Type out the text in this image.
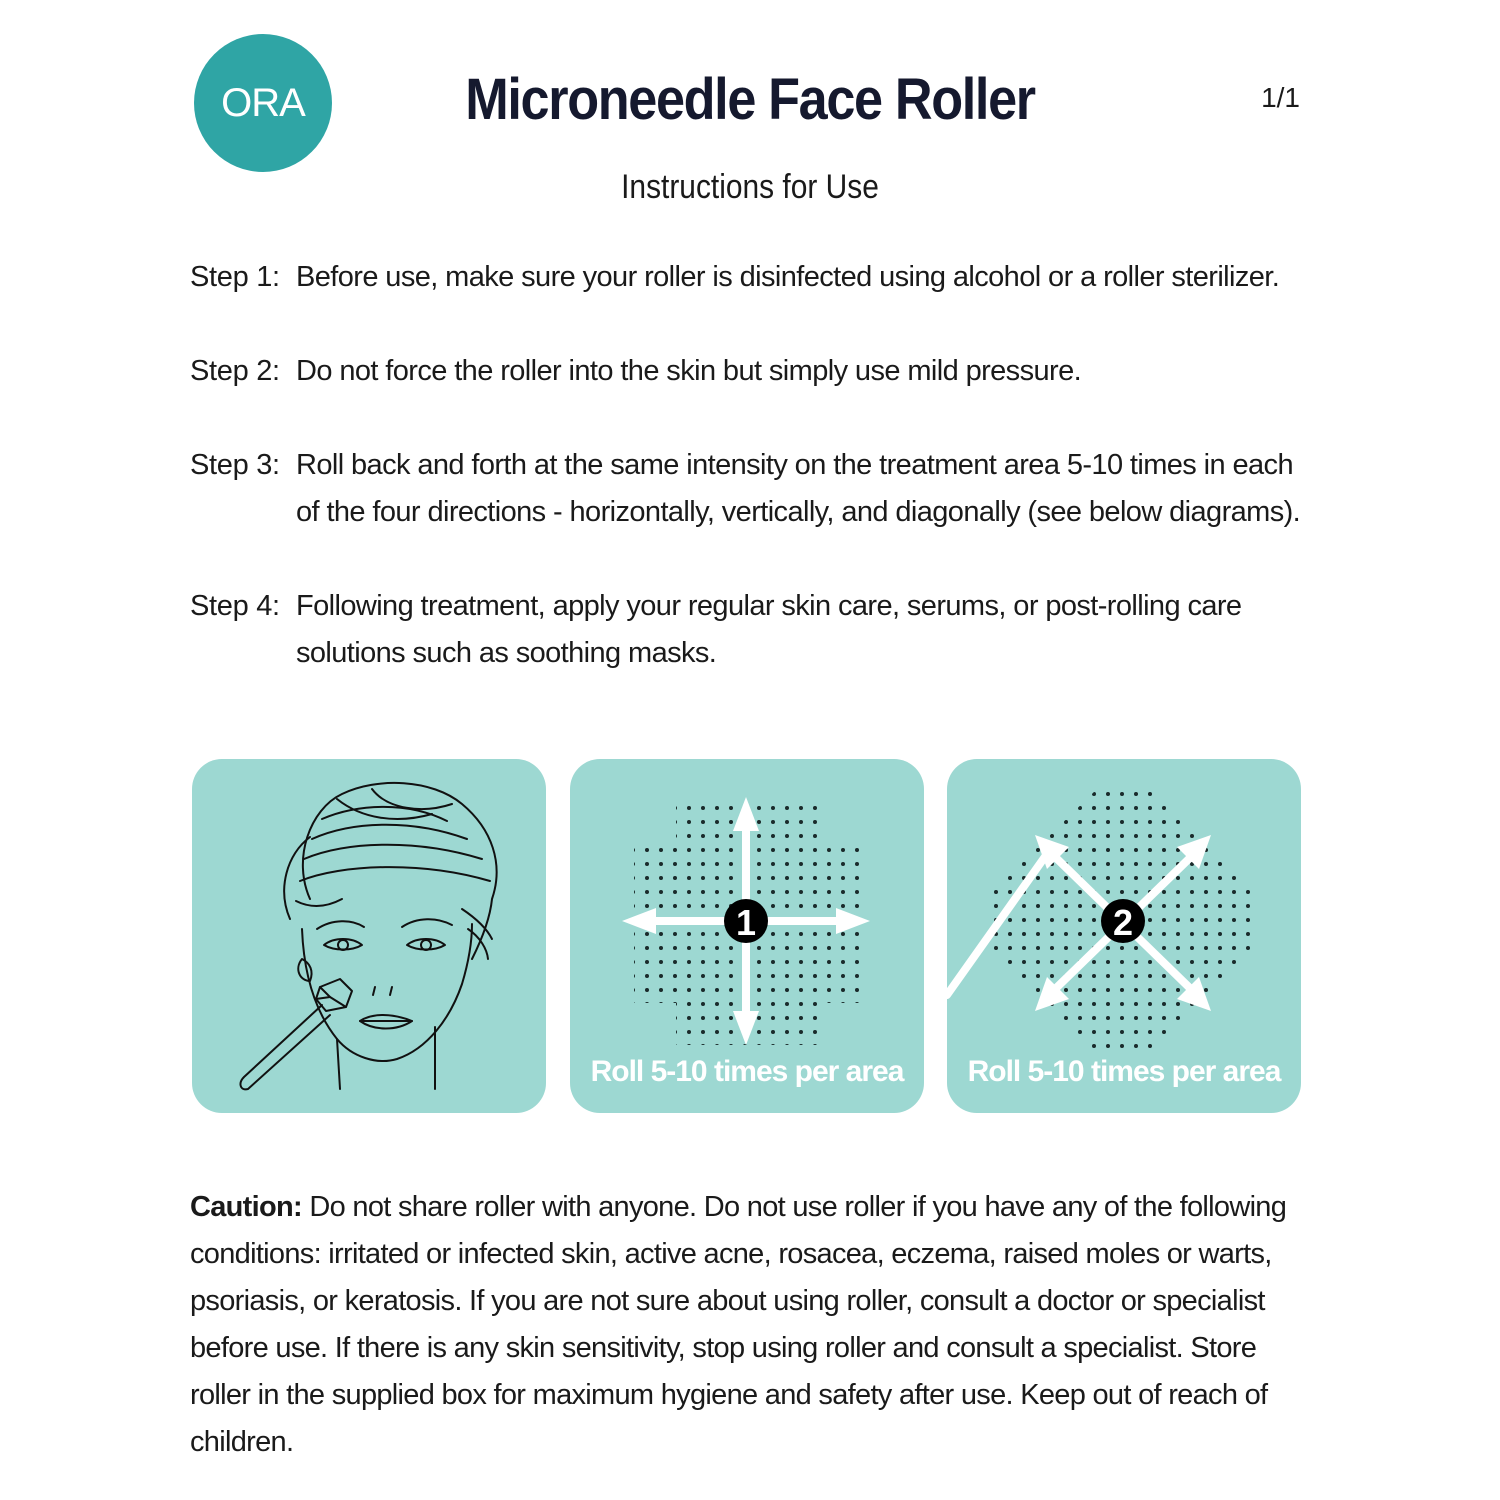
ORA	Microneedle Face Roller	1/1
Instructions for Use
Step 1: Before use, make sure your roller is disinfected using alcohol or a roller sterilizer.
Step 2: Do not force the roller into the skin but simply use mild pressure.
Step 3: Roll back and forth at the same intensity on the treatment area 5-10 times in each of the four directions - horizontally, vertically, and diagonally (see below diagrams).
Step 4: Following treatment, apply your regular skin care, serums, or post-rolling care solutions such as soothing masks.
1
Roll 5-10 times per area
2
Roll 5-10 times per area
Caution: Do not share roller with anyone. Do not use roller if you have any of the following conditions: irritated or infected skin, active acne, rosacea, eczema, raised moles or warts, psoriasis, or keratosis. If you are not sure about using roller, consult a doctor or specialist before use. If there is any skin sensitivity, stop using roller and consult a specialist. Store roller in the supplied box for maximum hygiene and safety after use. Keep out of reach of children.
